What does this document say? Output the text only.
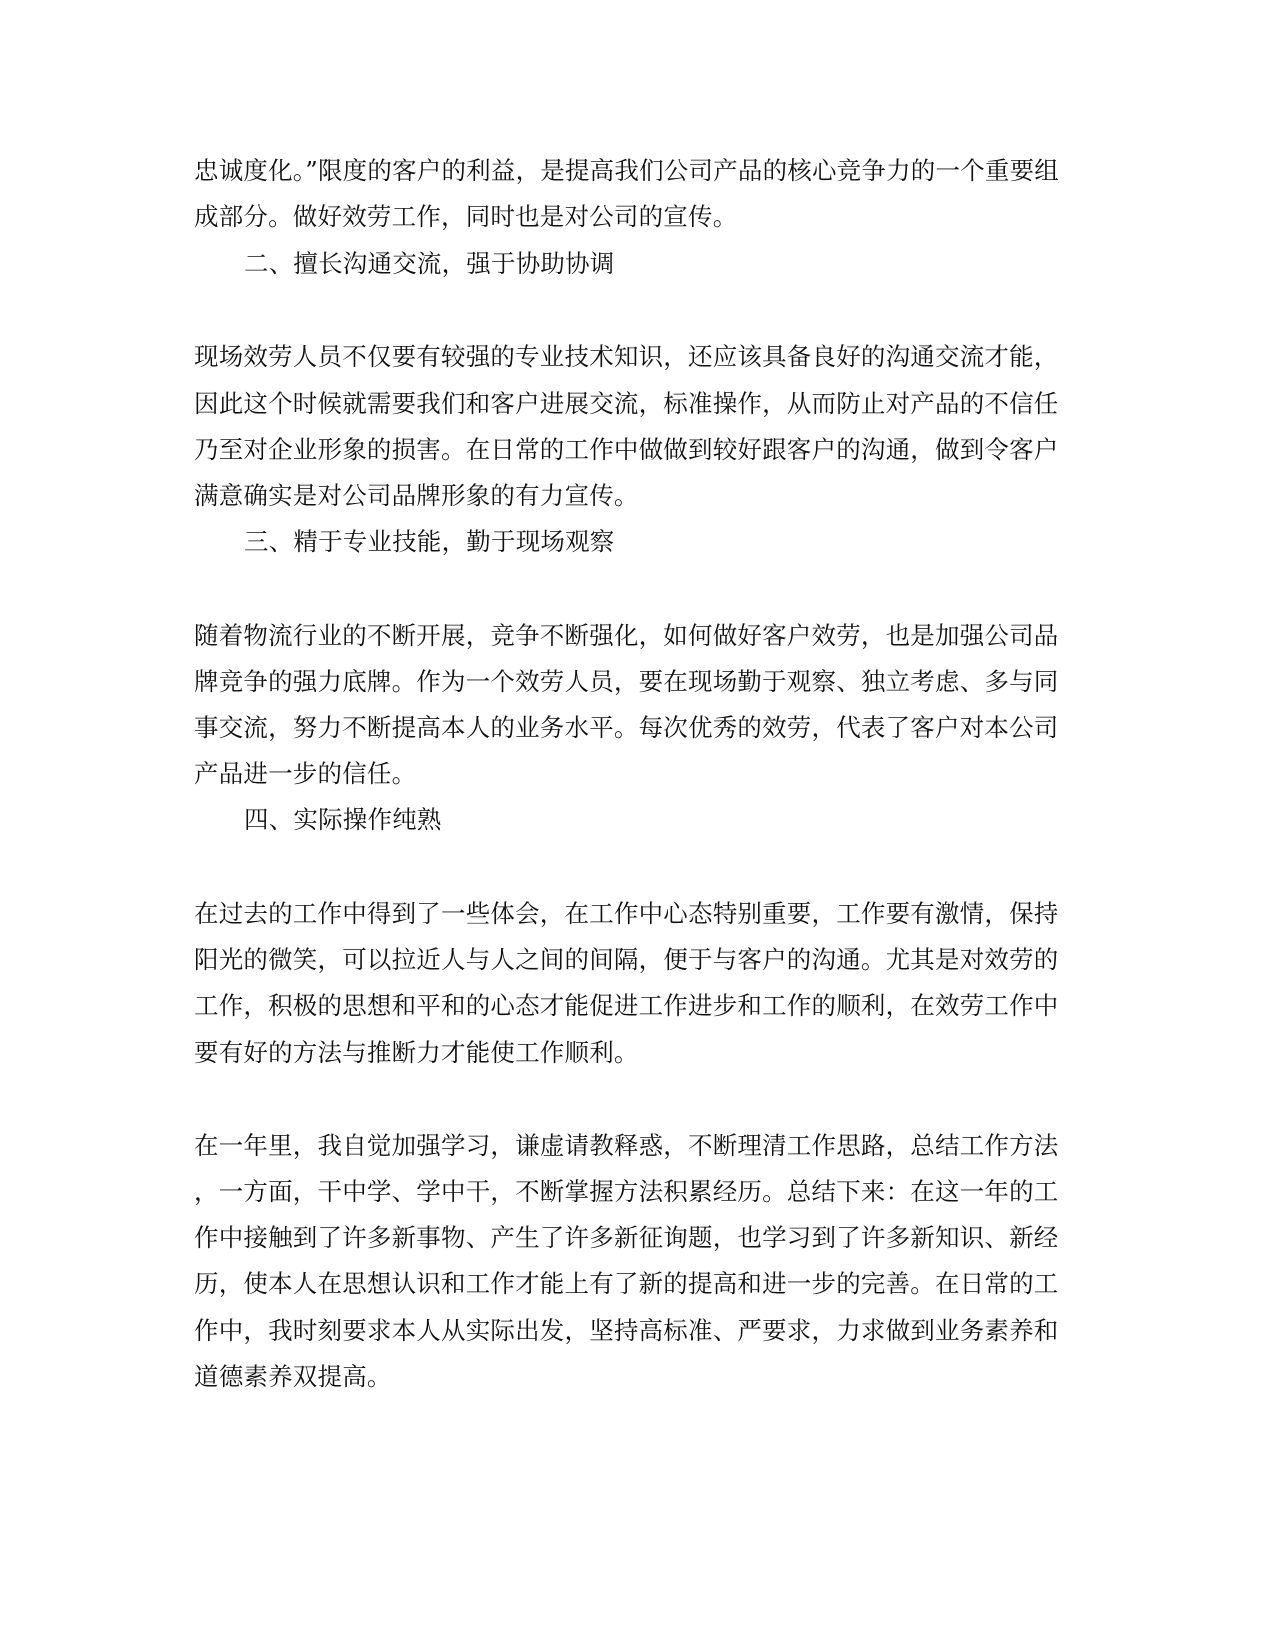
忠诚度化。”限度的客户的利益，是提高我们公司产品的核心竞争力的一个重要组
成部分。做好效劳工作，同时也是对公司的宣传。
二、擅长沟通交流，强于协助协调
现场效劳人员不仅要有较强的专业技术知识，还应该具备良好的沟通交流才能，
因此这个时候就需要我们和客户进展交流，标准操作，从而防止对产品的不信任
乃至对企业形象的损害。在日常的工作中做做到较好跟客户的沟通，做到令客户
满意确实是对公司品牌形象的有力宣传。
三、精于专业技能，勤于现场观察
随着物流行业的不断开展，竞争不断强化，如何做好客户效劳，也是加强公司品
牌竞争的强力底牌。作为一个效劳人员，要在现场勤于观察、独立考虑、多与同
事交流，努力不断提高本人的业务水平。每次优秀的效劳，代表了客户对本公司
产品进一步的信任。
四、实际操作纯熟
在过去的工作中得到了一些体会，在工作中心态特别重要，工作要有激情，保持
阳光的微笑，可以拉近人与人之间的间隔，便于与客户的沟通。尤其是对效劳的
工作，积极的思想和平和的心态才能促进工作进步和工作的顺利，在效劳工作中
要有好的方法与推断力才能使工作顺利。
在一年里，我自觉加强学习，谦虚请教释惑，不断理清工作思路，总结工作方法
，一方面，干中学、学中干，不断掌握方法积累经历。总结下来：在这一年的工
作中接触到了许多新事物、产生了许多新征询题，也学习到了许多新知识、新经
历，使本人在思想认识和工作才能上有了新的提高和进一步的完善。在日常的工
作中，我时刻要求本人从实际出发，坚持高标准、严要求，力求做到业务素养和
道德素养双提高。
